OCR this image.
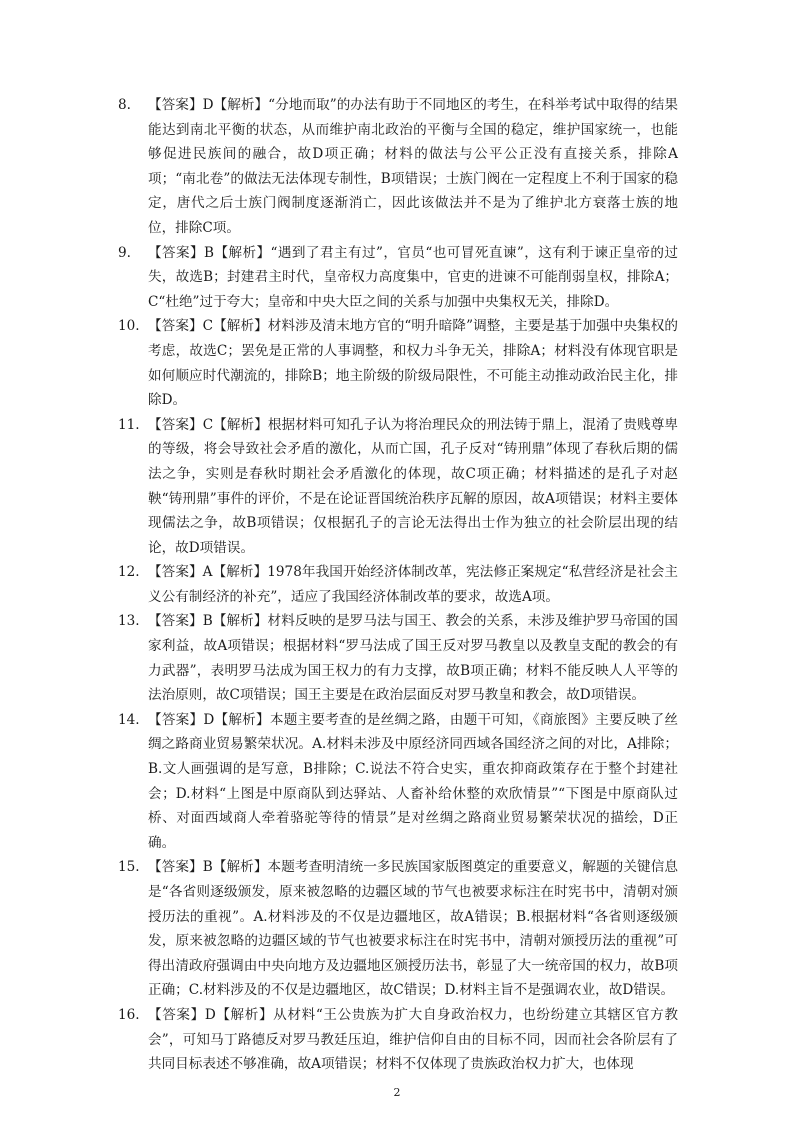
8.	【答案】D【解析】“分地而取”的办法有助于不同地区的考生，在科举考试中取得的结果能达到南北平衡的状态，从而维护南北政治的平衡与全国的稳定，维护国家统一，也能够促进民族间的融合，故D项正确；材料的做法与公平公正没有直接关系，排除A项；“南北卷”的做法无法体现专制性，B项错误；士族门阀在一定程度上不利于国家的稳定，唐代之后士族门阀制度逐渐消亡，因此该做法并不是为了维护北方衰落士族的地位，排除C项。
9.	【答案】B【解析】“遇到了君主有过”，官员“也可冒死直谏”，这有利于谏正皇帝的过失，故选B；封建君主时代，皇帝权力高度集中，官吏的进谏不可能削弱皇权，排除A；C“杜绝”过于夸大；皇帝和中央大臣之间的关系与加强中央集权无关，排除D。
10. 【答案】C【解析】材料涉及清末地方官的“明升暗降”调整，主要是基于加强中央集权的考虑，故选C；罢免是正常的人事调整，和权力斗争无关，排除A；材料没有体现官职是如何顺应时代潮流的，排除B；地主阶级的阶级局限性，不可能主动推动政治民主化，排除D。
11. 【答案】C【解析】根据材料可知孔子认为将治理民众的刑法铸于鼎上，混淆了贵贱尊卑的等级，将会导致社会矛盾的激化，从而亡国，孔子反对“铸刑鼎”体现了春秋后期的儒法之争，实则是春秋时期社会矛盾激化的体现，故C项正确；材料描述的是孔子对赵鞅“铸刑鼎”事件的评价，不是在论证晋国统治秩序瓦解的原因，故A项错误；材料主要体现儒法之争，故B项错误；仅根据孔子的言论无法得出士作为独立的社会阶层出现的结论，故D项错误。
12. 【答案】A【解析】1978年我国开始经济体制改革，宪法修正案规定“私营经济是社会主义公有制经济的补充”，适应了我国经济体制改革的要求，故选A项。
13. 【答案】B【解析】材料反映的是罗马法与国王、教会的关系，未涉及维护罗马帝国的国家利益，故A项错误；根据材料“罗马法成了国王反对罗马教皇以及教皇支配的教会的有力武器”，表明罗马法成为国王权力的有力支撑，故B项正确；材料不能反映人人平等的法治原则，故C项错误；国王主要是在政治层面反对罗马教皇和教会，故D项错误。
14. 【答案】D【解析】本题主要考查的是丝绸之路，由题干可知，《商旅图》主要反映了丝绸之路商业贸易繁荣状况。A.材料未涉及中原经济同西域各国经济之间的对比，A排除；B.文人画强调的是写意，B排除；C.说法不符合史实，重农抑商政策存在于整个封建社会；D.材料“上图是中原商队到达驿站、人畜补给休整的欢欣情景”“下图是中原商队过桥、对面西域商人牵着骆驼等待的情景”是对丝绸之路商业贸易繁荣状况的描绘，D正确。
15. 【答案】B【解析】本题考查明清统一多民族国家版图奠定的重要意义，解题的关键信息是“各省则逐级颁发，原来被忽略的边疆区域的节气也被要求标注在时宪书中，清朝对颁授历法的重视”。A.材料涉及的不仅是边疆地区，故A错误；B.根据材料“各省则逐级颁发，原来被忽略的边疆区域的节气也被要求标注在时宪书中，清朝对颁授历法的重视”可得出清政府强调由中央向地方及边疆地区颁授历法书，彰显了大一统帝国的权力，故B项正确；C.材料涉及的不仅是边疆地区，故C错误；D.材料主旨不是强调农业，故D错误。
16. 【答案】D【解析】从材料“王公贵族为扩大自身政治权力，也纷纷建立其辖区官方教会”，可知马丁路德反对罗马教廷压迫，维护信仰自由的目标不同，因而社会各阶层有了共同目标表述不够准确，故A项错误；材料不仅体现了贵族政治权力扩大，也体现
2
